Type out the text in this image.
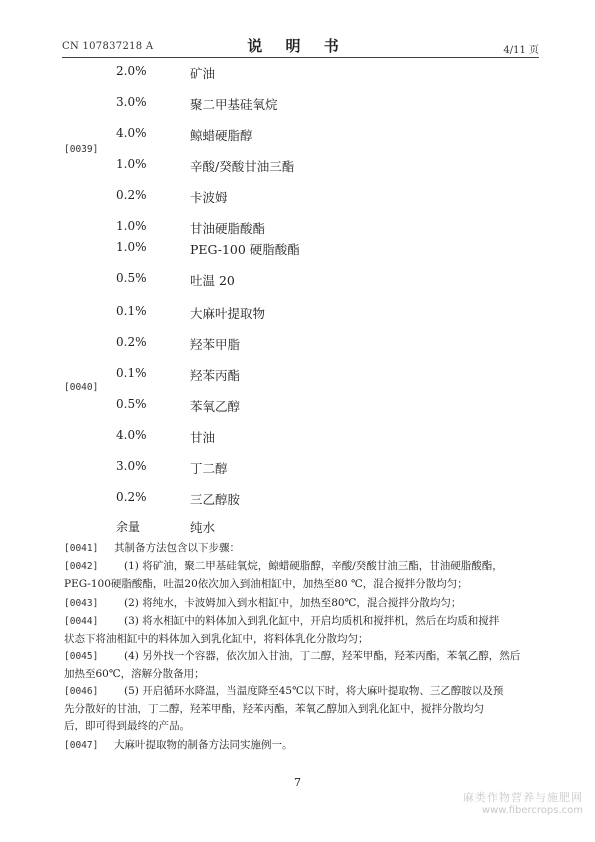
CN 107837218 A	说 明 书	4/11 页
[0039]
[0040]
2.0%	矿油
3.0%	聚二甲基硅氧烷
4.0%	鲸蜡硬脂醇
1.0%	辛酸/癸酸甘油三酯
0.2%	卡波姆
1.0%	甘油硬脂酸酯
1.0%	PEG-100 硬脂酸酯
0.5%	吐温 20
0.1%	大麻叶提取物
0.2%	羟苯甲脂
0.1%	羟苯丙酯
0.5%	苯氧乙醇
4.0%	甘油
3.0%	丁二醇
0.2%	三乙醇胺
余量	纯水
[0041] 其制备方法包含以下步骤：
[0042]	(1) 将矿油，聚二甲基硅氧烷，鲸蜡硬脂醇，辛酸/癸酸甘油三酯，甘油硬脂酸酯，
PEG-100硬脂酸酯，吐温20依次加入到油相缸中，加热至80 ℃，混合搅拌分散均匀；
[0043]	(2) 将纯水，卡波姆加入到水相缸中，加热至80℃，混合搅拌分散均匀；
[0044]	(3) 将水相缸中的料体加入到乳化缸中，开启均质机和搅拌机，然后在均质和搅拌
状态下将油相缸中的料体加入到乳化缸中，将料体乳化分散均匀；
[0045]	(4) 另外找一个容器，依次加入甘油，丁二醇，羟苯甲酯，羟苯丙酯，苯氧乙醇，然后
加热至60℃，溶解分散备用；
[0046]	(5) 开启循环水降温，当温度降至45℃以下时，将大麻叶提取物、三乙醇胺以及预
先分散好的甘油，丁二醇，羟苯甲酯，羟苯丙酯，苯氧乙醇加入到乳化缸中，搅拌分散均匀
后，即可得到最终的产品。
[0047] 大麻叶提取物的制备方法同实施例一。
7
麻类作物营养与施肥网
www.fibercrops.com
